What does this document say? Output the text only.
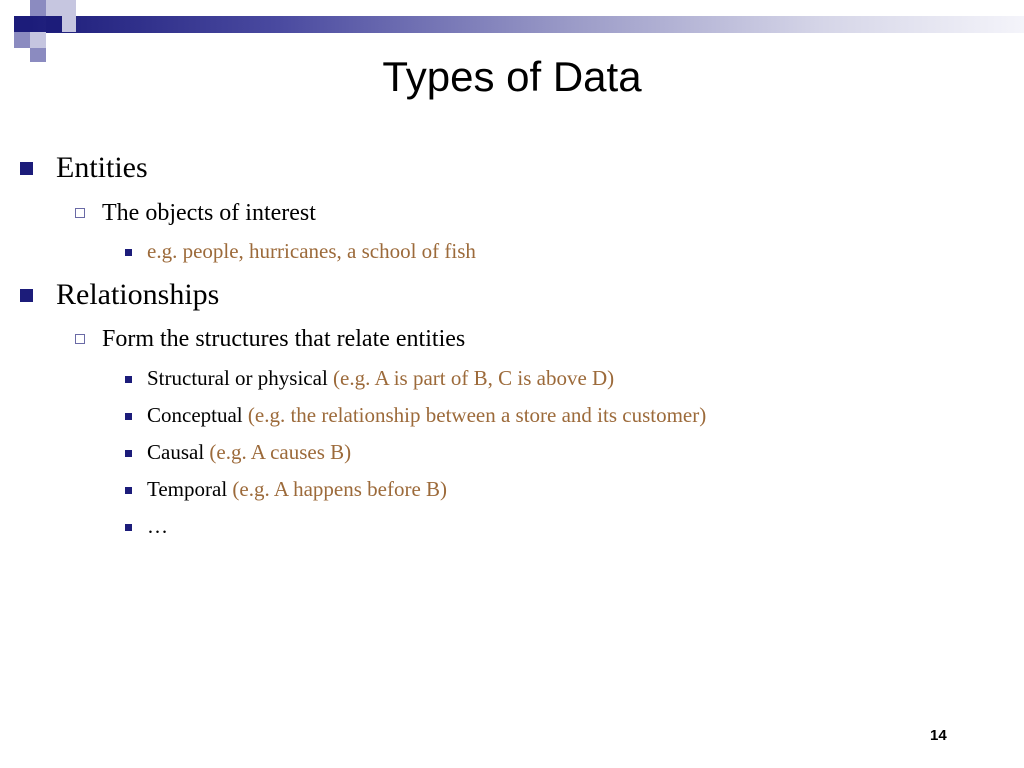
Types of Data
Entities
The objects of interest
e.g. people, hurricanes, a school of fish
Relationships
Form the structures that relate entities
Structural or physical (e.g. A is part of B, C is above D)
Conceptual (e.g. the relationship between a store and its customer)
Causal (e.g. A causes B)
Temporal (e.g. A happens before B)
…
14
